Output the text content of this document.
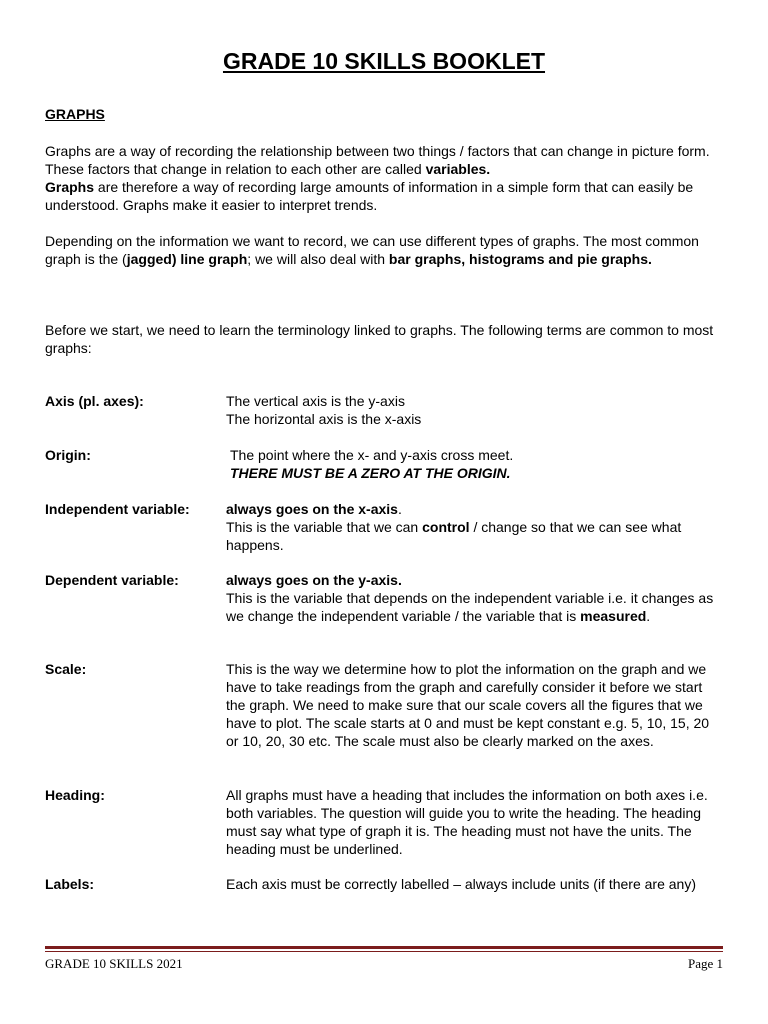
GRADE 10 SKILLS BOOKLET
GRAPHS
Graphs are a way of recording the relationship between two things / factors that can change in picture form. These factors that change in relation to each other are called variables.
Graphs are therefore a way of recording large amounts of information in a simple form that can easily be understood. Graphs make it easier to interpret trends.
Depending on the information we want to record, we can use different types of graphs. The most common graph is the (jagged) line graph; we will also deal with bar graphs, histograms and pie graphs.
Before we start, we need to learn the terminology linked to graphs. The following terms are common to most graphs:
Axis (pl. axes):	The vertical axis is the y-axis
The horizontal axis is the x-axis
Origin:	The point where the x- and y-axis cross meet.
THERE MUST BE A ZERO AT THE ORIGIN.
Independent variable:	always goes on the x-axis.
This is the variable that we can control / change so that we can see what happens.
Dependent variable:	always goes on the y-axis.
This is the variable that depends on the independent variable i.e. it changes as we change the independent variable / the variable that is measured.
Scale:	This is the way we determine how to plot the information on the graph and we have to take readings from the graph and carefully consider it before we start the graph. We need to make sure that our scale covers all the figures that we have to plot. The scale starts at 0 and must be kept constant e.g. 5, 10, 15, 20 or 10, 20, 30 etc. The scale must also be clearly marked on the axes.
Heading:	All graphs must have a heading that includes the information on both axes i.e. both variables. The question will guide you to write the heading. The heading must say what type of graph it is. The heading must not have the units. The heading must be underlined.
Labels:	Each axis must be correctly labelled – always include units (if there are any)
GRADE 10 SKILLS 2021	Page 1
